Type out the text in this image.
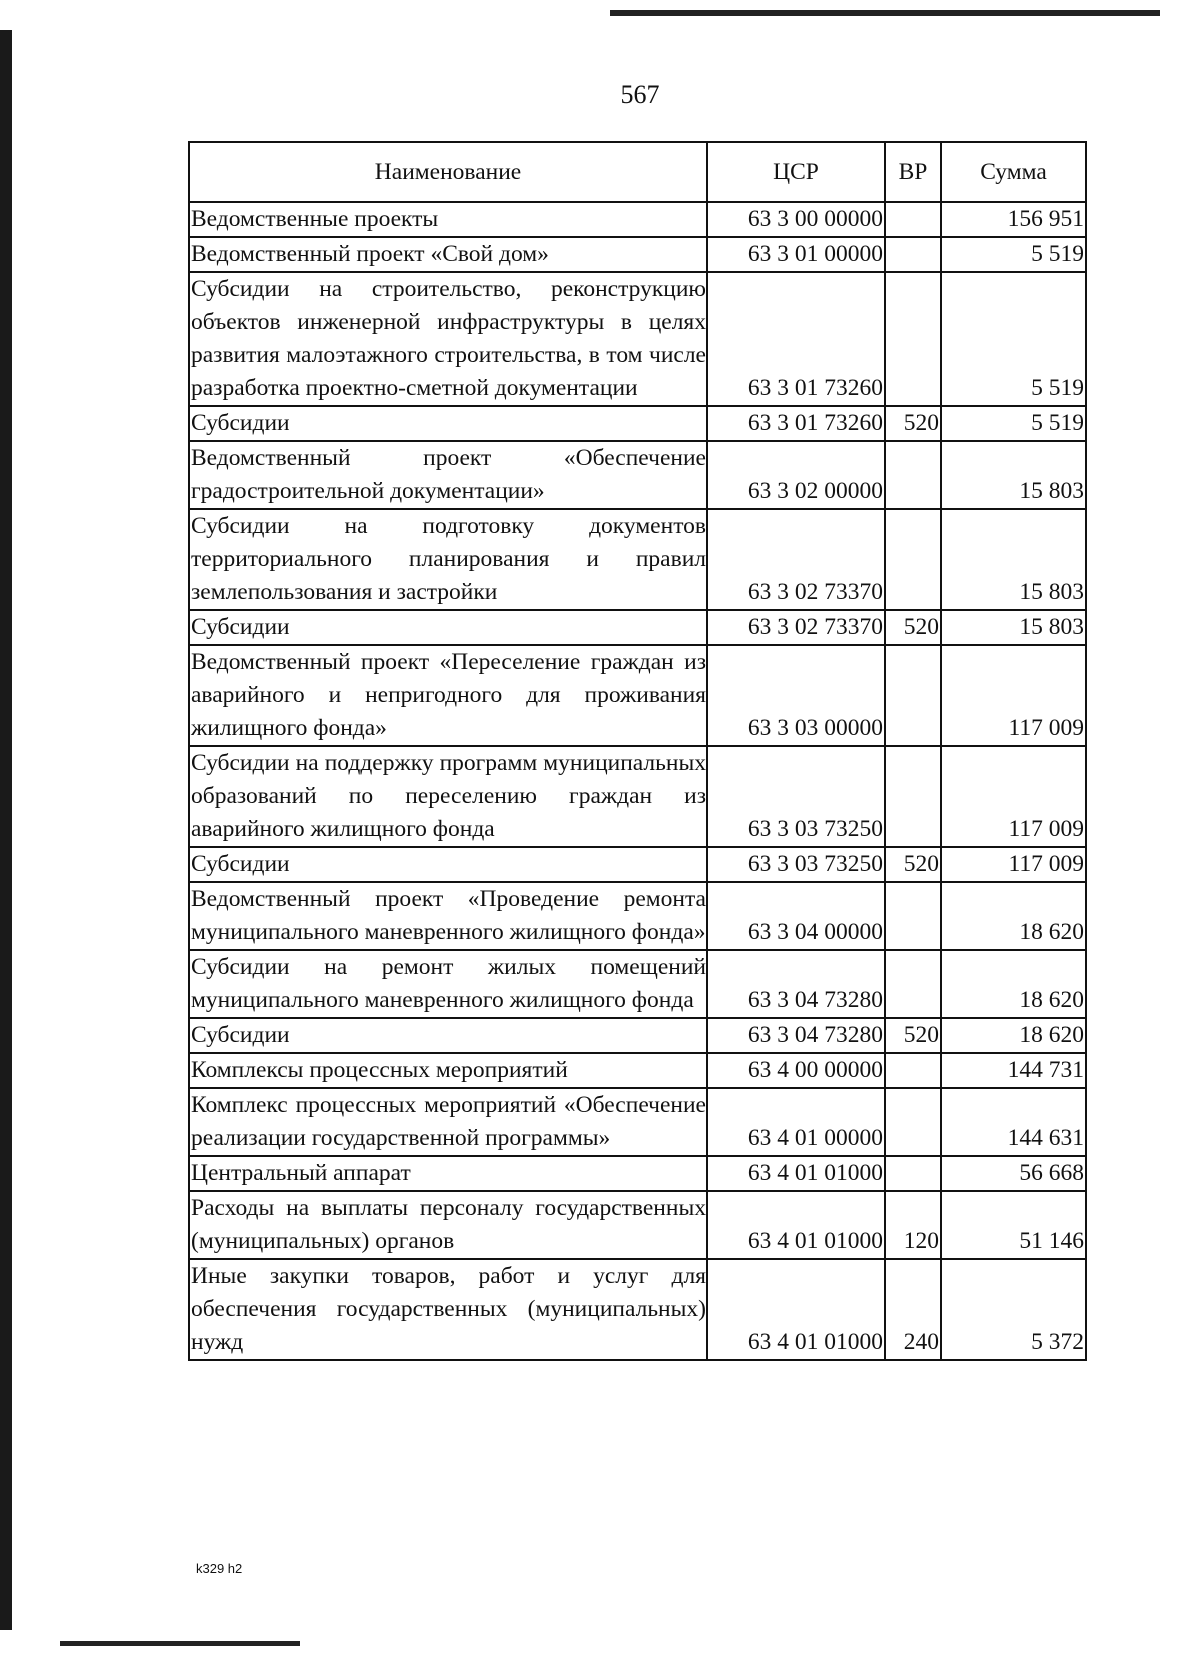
567
Наименование	ЦСР	ВР	Сумма
Ведомственные проекты	63 3 00 00000		156 951
Ведомственный проект «Свой дом»	63 3 01 00000		5 519
Субсидии на строительство, реконструкцию объектов инженерной инфраструктуры в целях развития малоэтажного строительства, в том числе разработка проектно-сметной документации	63 3 01 73260		5 519
Субсидии	63 3 01 73260	520	5 519
Ведомственный проект «Обеспечение градостроительной документации»	63 3 02 00000		15 803
Субсидии на подготовку документов территориального планирования и правил землепользования и застройки	63 3 02 73370		15 803
Субсидии	63 3 02 73370	520	15 803
Ведомственный проект «Переселение граждан из аварийного и непригодного для проживания жилищного фонда»	63 3 03 00000		117 009
Субсидии на поддержку программ муниципальных образований по переселению граждан из аварийного жилищного фонда	63 3 03 73250		117 009
Субсидии	63 3 03 73250	520	117 009
Ведомственный проект «Проведение ремонта муниципального маневренного жилищного фонда»	63 3 04 00000		18 620
Субсидии на ремонт жилых помещений муниципального маневренного жилищного фонда	63 3 04 73280		18 620
Субсидии	63 3 04 73280	520	18 620
Комплексы процессных мероприятий	63 4 00 00000		144 731
Комплекс процессных мероприятий «Обеспечение реализации государственной программы»	63 4 01 00000		144 631
Центральный аппарат	63 4 01 01000		56 668
Расходы на выплаты персоналу государственных (муниципальных) органов	63 4 01 01000	120	51 146
Иные закупки товаров, работ и услуг для обеспечения государственных (муниципальных) нужд	63 4 01 01000	240	5 372
k329 h2
